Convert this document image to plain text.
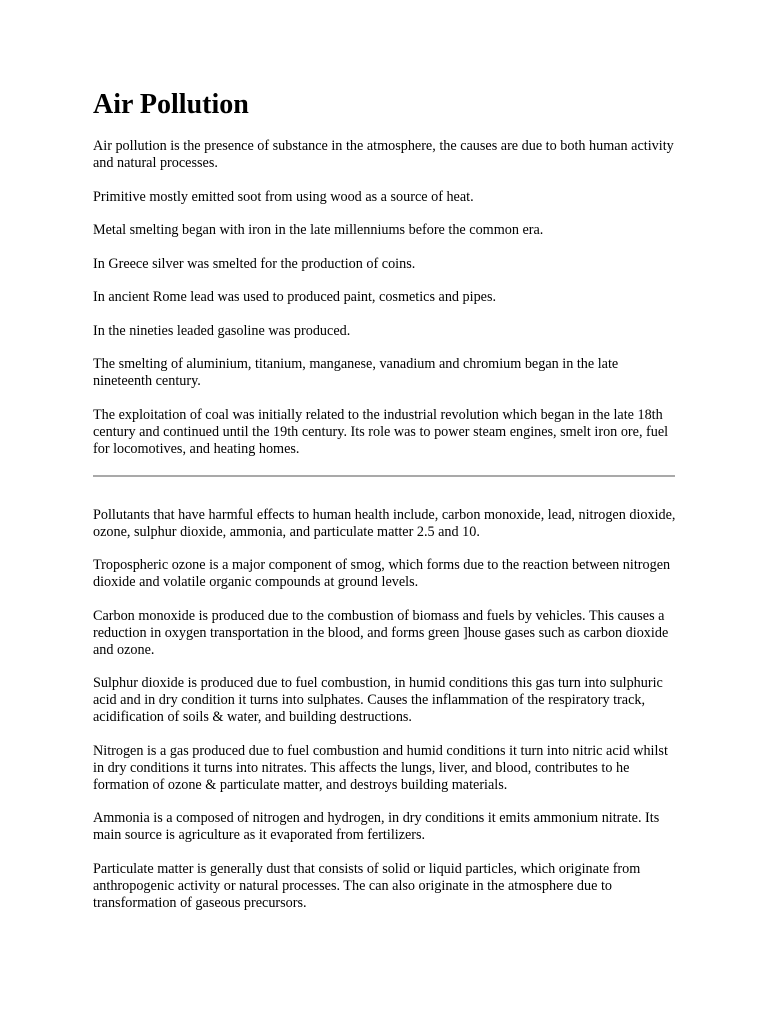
Air Pollution

Air pollution is the presence of substance in the atmosphere, the causes are due to both human activity and natural processes.

Primitive mostly emitted soot from using wood as a source of heat.

Metal smelting began with iron in the late millenniums before the common era.

In Greece silver was smelted for the production of coins.

In ancient Rome lead was used to produced paint, cosmetics and pipes.

In the nineties leaded gasoline was produced.

The smelting of aluminium, titanium, manganese, vanadium and chromium began in the late nineteenth century.

The exploitation of coal was initially related to the industrial revolution which began in the late 18th century and continued until the 19th century. Its role was to power steam engines, smelt iron ore, fuel for locomotives, and heating homes.

Pollutants that have harmful effects to human health include, carbon monoxide, lead, nitrogen dioxide, ozone, sulphur dioxide, ammonia, and particulate matter 2.5 and 10.

Tropospheric ozone is a major component of smog, which forms due to the reaction between nitrogen dioxide and volatile organic compounds at ground levels.

Carbon monoxide is produced due to the combustion of biomass and fuels by vehicles. This causes a reduction in oxygen transportation in the blood, and forms green ]house gases such as carbon dioxide and ozone.

Sulphur dioxide is produced due to fuel combustion, in humid conditions this gas turn into sulphuric acid and in dry condition it turns into sulphates. Causes the inflammation of the respiratory track, acidification of soils & water, and building destructions.

Nitrogen is a gas produced due to fuel combustion and humid conditions it turn into nitric acid whilst in dry conditions it turns into nitrates. This affects the lungs, liver, and blood, contributes to he formation of ozone & particulate matter, and destroys building materials.

Ammonia is a composed of nitrogen and hydrogen, in dry conditions it emits ammonium nitrate. Its main source is agriculture as it evaporated from fertilizers.

Particulate matter is generally dust that consists of solid or liquid particles, which originate from anthropogenic activity or natural processes. The can also originate in the atmosphere due to transformation of gaseous precursors.
